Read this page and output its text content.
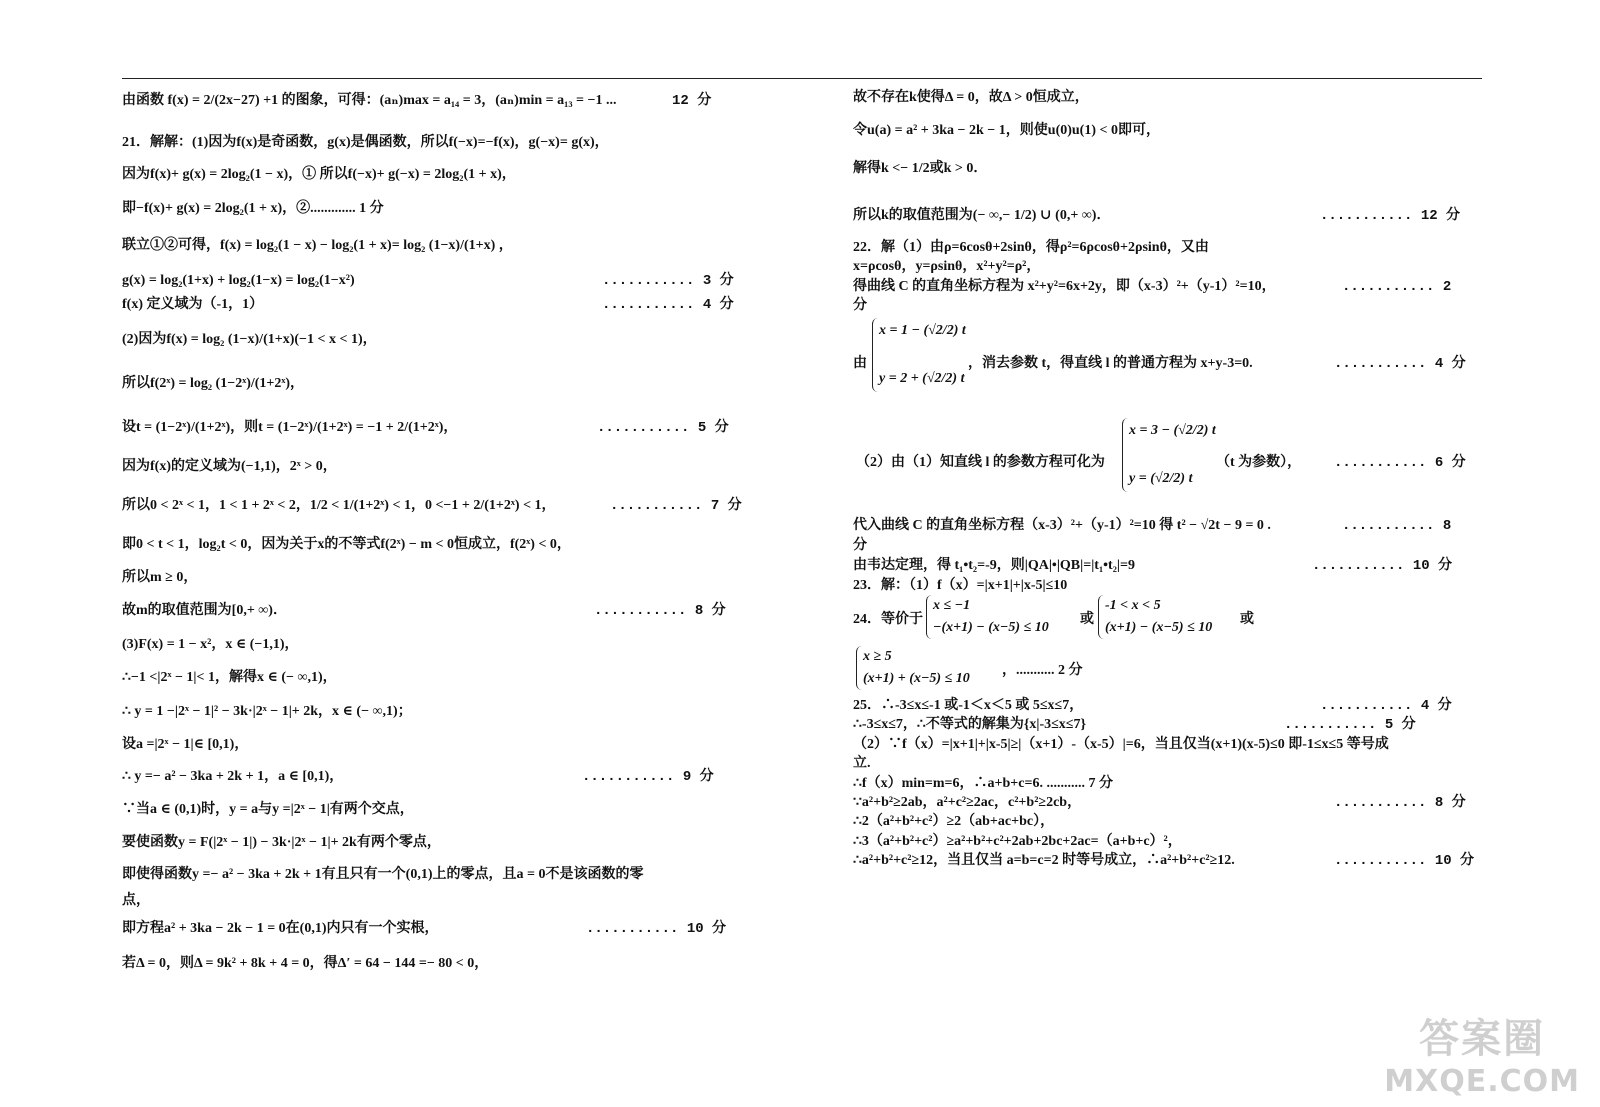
由函数 f(x) = 2/(2x−27) +1 的图象，可得：(aₙ)max = a₁₄ = 3，(aₙ)min = a₁₃ = −1 ...	12 分
21．解解：(1)因为f(x)是奇函数，g(x)是偶函数，所以f(−x)=−f(x)，g(−x)= g(x)，
因为f(x)+ g(x) = 2log₂(1 − x)，① 所以f(−x)+ g(−x) = 2log₂(1 + x)，
即−f(x)+ g(x) = 2log₂(1 + x)，②............. 1 分
联立①②可得，f(x) = log₂(1 − x) − log₂(1 + x)= log₂ (1−x)/(1+x) ，
g(x) = log₂(1+x) + log₂(1−x) = log₂(1−x²)	........... 3 分
f(x) 定义域为（-1，1）	........... 4 分
(2)因为f(x) = log₂ (1−x)/(1+x)(−1 < x < 1)，
所以f(2ˣ) = log₂ (1−2ˣ)/(1+2ˣ)，
设t = (1−2ˣ)/(1+2ˣ)，则t = (1−2ˣ)/(1+2ˣ) = −1 + 2/(1+2ˣ)，	........... 5 分
因为f(x)的定义域为(−1,1)，2ˣ > 0，
所以0 < 2ˣ < 1，1 < 1 + 2ˣ < 2，1/2 < 1/(1+2ˣ) < 1，0 <−1 + 2/(1+2ˣ) < 1，	........... 7 分
即0 < t < 1，log₂t < 0，因为关于x的不等式f(2ˣ) − m < 0恒成立，f(2ˣ) < 0，
所以m ≥ 0，
故m的取值范围为[0,+ ∞)．	........... 8 分
(3)F(x) = 1 − x²，x ∈ (−1,1)，
∴−1 <|2ˣ − 1|< 1，解得x ∈ (− ∞,1)，
∴ y = 1 −|2ˣ − 1|² − 3k·|2ˣ − 1|+ 2k，x ∈ (− ∞,1)；
设a =|2ˣ − 1|∈ [0,1)，
∴ y =− a² − 3ka + 2k + 1，a ∈ [0,1)，	........... 9 分
∵当a ∈ (0,1)时，y = a与y =|2ˣ − 1|有两个交点，
要使函数y = F(|2ˣ − 1|) − 3k·|2ˣ − 1|+ 2k有两个零点，
即使得函数y =− a² − 3ka + 2k + 1有且只有一个(0,1)上的零点，且a = 0不是该函数的零
点，
即方程a² + 3ka − 2k − 1 = 0在(0,1)内只有一个实根，	........... 10 分
若Δ = 0，则Δ = 9k² + 8k + 4 = 0，得Δ′ = 64 − 144 =− 80 < 0，
故不存在k使得Δ = 0，故Δ > 0恒成立，
令u(a) = a² + 3ka − 2k − 1，则使u(0)u(1) < 0即可，
解得k <− 1/2或k > 0．
所以k的取值范围为(− ∞,− 1/2) ∪ (0,+ ∞)．	........... 12 分
22．解（1）由ρ=6cosθ+2sinθ，得ρ²=6ρcosθ+2ρsinθ，又由
x=ρcosθ，y=ρsinθ，x²+y²=ρ²，
得曲线 C 的直角坐标方程为 x²+y²=6x+2y，即（x-3）²+（y-1）²=10，	........... 2
分
由
x = 1 − (√2/2) t
y = 2 + (√2/2) t
，消去参数 t，得直线 l 的普通方程为 x+y-3=0.	........... 4 分
（2）由（1）知直线 l 的参数方程可化为
x = 3 − (√2/2) t
y = (√2/2) t
（t 为参数）， ........... 6 分
代入曲线 C 的直角坐标方程（x-3）²+（y-1）²=10 得 t² − √2t − 9 = 0 .	........... 8
分
由韦达定理，得 t₁•t₂=-9，则|QA|•|QB|=|t₁•t₂|=9	........... 10 分
23．解：（1）f（x）=|x+1|+|x-5|≤10
24．等价于
x ≤ −1
−(x+1) − (x−5) ≤ 10
或
-1 < x < 5
(x+1) − (x−5) ≤ 10
或
x ≥ 5
(x+1) + (x−5) ≤ 10
，........... 2 分
25．∴-3≤x≤-1 或-1＜x＜5 或 5≤x≤7，	........... 4 分
∴-3≤x≤7，∴不等式的解集为{x|-3≤x≤7}	........... 5 分
（2）∵f（x）=|x+1|+|x-5|≥|（x+1）-（x-5）|=6，当且仅当(x+1)(x-5)≤0 即-1≤x≤5 等号成
立.
∴f（x）min=m=6，∴a+b+c=6. ........... 7 分
∵a²+b²≥2ab，a²+c²≥2ac，c²+b²≥2cb，	........... 8 分
∴2（a²+b²+c²）≥2（ab+ac+bc），
∴3（a²+b²+c²）≥a²+b²+c²+2ab+2bc+2ac=（a+b+c）²，
∴a²+b²+c²≥12，当且仅当 a=b=c=2 时等号成立，∴a²+b²+c²≥12.	........... 10 分
答案圈
MXQE.COM
